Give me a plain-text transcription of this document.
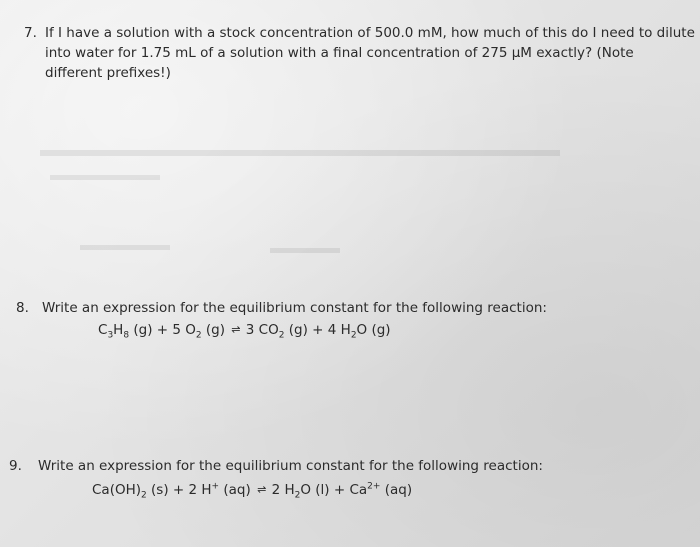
7. If I have a solution with a stock concentration of 500.0 mM, how much of this do I need to dilute
into water for 1.75 mL of a solution with a final concentration of 275 μM exactly? (Note
different prefixes!)
8. Write an expression for the equilibrium constant for the following reaction:
$C_3H_8$ (g) + 5 $O_2$ (g) ⇌ 3 $CO_2$ (g) + 4 $H_2O$ (g)
9. Write an expression for the equilibrium constant for the following reaction:
$Ca(OH)_2$ (s) + 2 H+ (aq) ⇌ 2 $H_2O$ $(l) + Ca^{2+}$ (aq)
